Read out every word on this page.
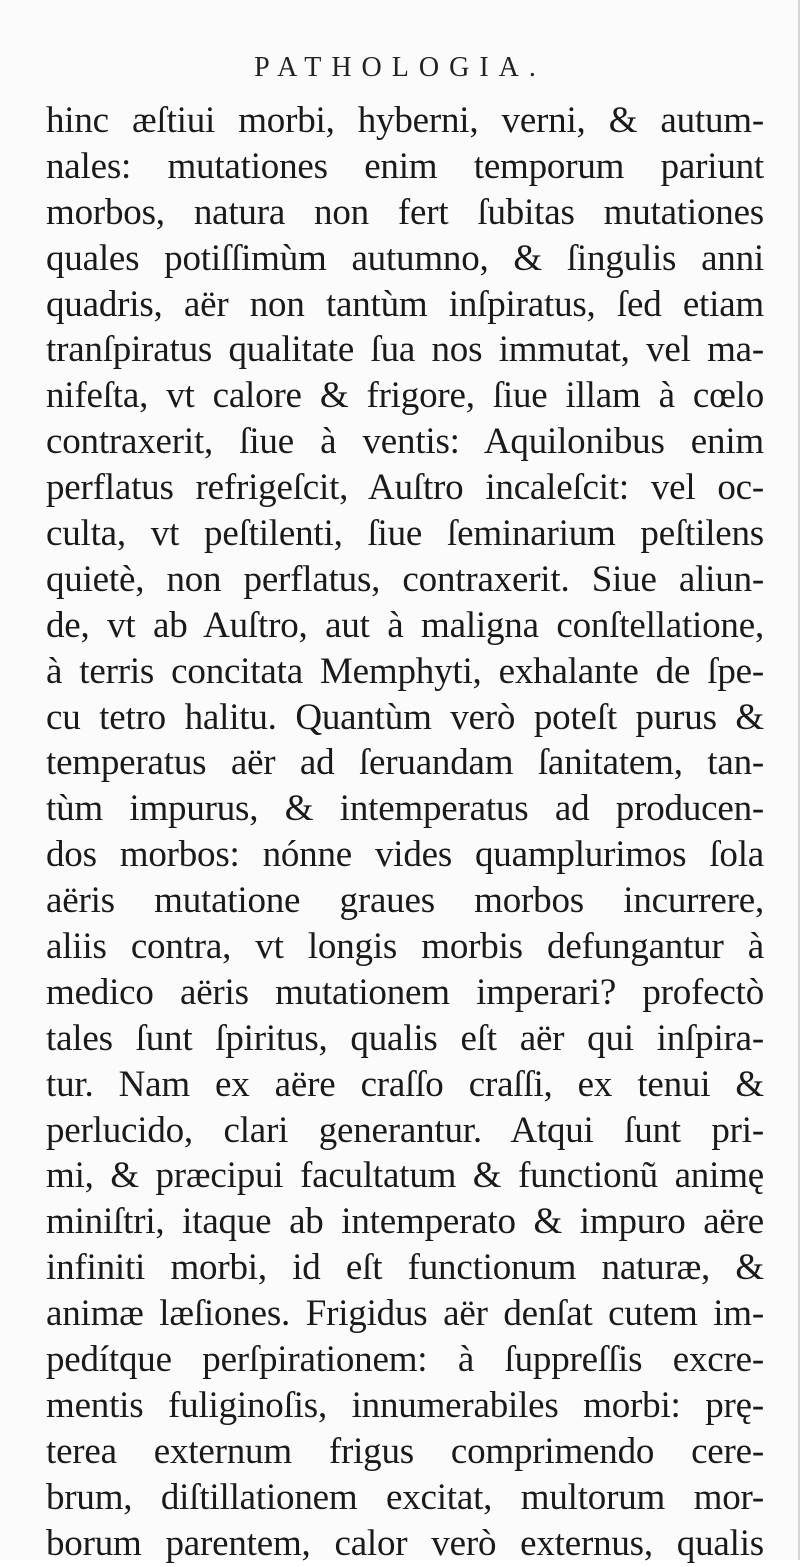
PATHOLOGIA.
hinc æſtiui morbi, hyberni, verni, & autum-
nales: mutationes enim temporum pariunt
morbos, natura non fert ſubitas mutationes
quales potiſſimùm autumno, & ſingulis anni
quadris, aër non tantùm inſpiratus, ſed etiam
tranſpiratus qualitate ſua nos immutat, vel ma-
nifeſta, vt calore & frigore, ſiue illam à cœlo
contraxerit, ſiue à ventis: Aquilonibus enim
perflatus refrigeſcit, Auſtro incaleſcit: vel oc-
culta, vt peſtilenti, ſiue ſeminarium peſtilens
quietè, non perflatus, contraxerit. Siue aliun-
de, vt ab Auſtro, aut à maligna conſtellatione,
à terris concitata Memphyti, exhalante de ſpe-
cu tetro halitu. Quantùm verò poteſt purus &
temperatus aër ad ſeruandam ſanitatem, tan-
tùm impurus, & intemperatus ad producen-
dos morbos: nónne vides quamplurimos ſola
aëris mutatione graues morbos incurrere,
aliis contra, vt longis morbis defungantur à
medico aëris mutationem imperari? profectò
tales ſunt ſpiritus, qualis eſt aër qui inſpira-
tur. Nam ex aëre craſſo craſſi, ex tenui &
perlucido, clari generantur. Atqui ſunt pri-
mi, & præcipui facultatum & functionũ animę
miniſtri, itaque ab intemperato & impuro aëre
infiniti morbi, id eſt functionum naturæ, &
animæ læſiones. Frigidus aër denſat cutem im-
pedítque perſpirationem: à ſuppreſſis excre-
mentis fuliginoſis, innumerabiles morbi: prę-
terea externum frigus comprimendo cere-
brum, diſtillationem excitat, multorum mor-
borum parentem, calor verò externus, qualis
